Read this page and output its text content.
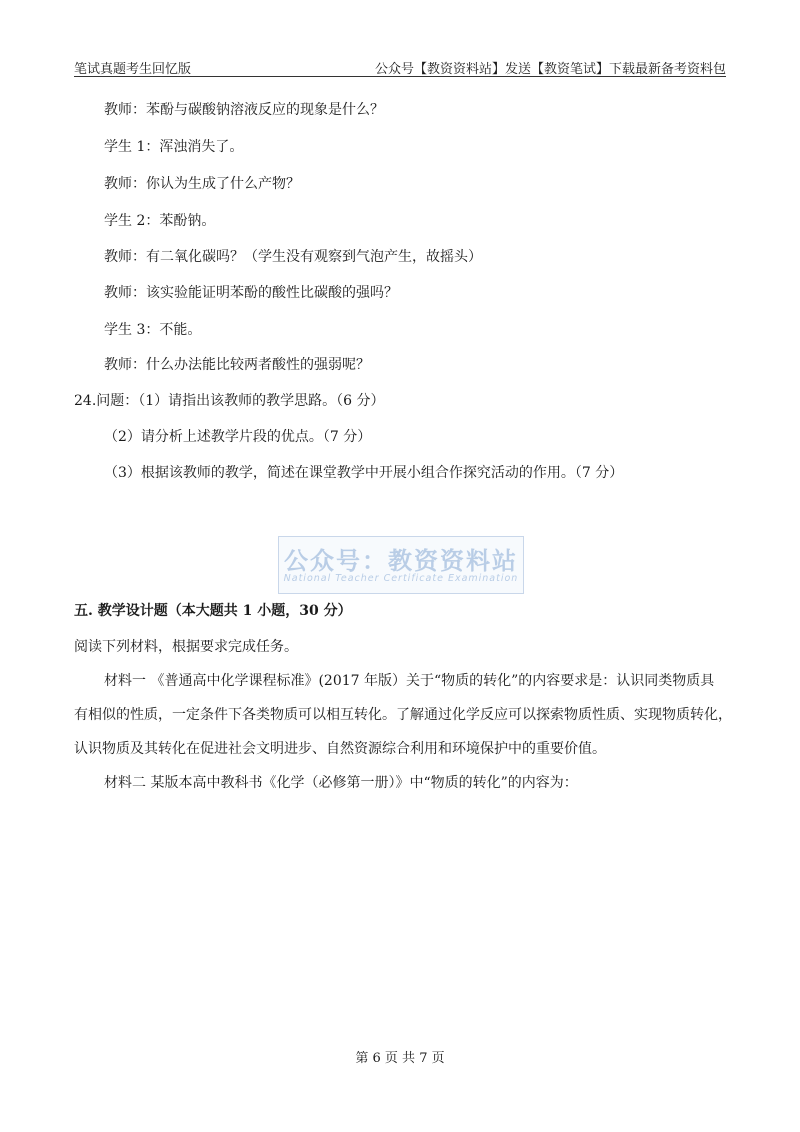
笔试真题考生回忆版	公众号【教资资料站】发送【教资笔试】下载最新备考资料包
教师：苯酚与碳酸钠溶液反应的现象是什么？
学生 1：浑浊消失了。
教师：你认为生成了什么产物？
学生 2：苯酚钠。
教师：有二氧化碳吗？（学生没有观察到气泡产生，故摇头）
教师：该实验能证明苯酚的酸性比碳酸的强吗？
学生 3：不能。
教师：什么办法能比较两者酸性的强弱呢？
24.问题：（1）请指出该教师的教学思路。（6 分）
（2）请分析上述教学片段的优点。（7 分）
（3）根据该教师的教学，简述在课堂教学中开展小组合作探究活动的作用。（7 分）
公众号：教资资料站
National Teacher Certificate Examination
五. 教学设计题（本大题共 1 小题，30 分）
阅读下列材料，根据要求完成任务。
材料一 《普通高中化学课程标准》(2017 年版）关于“物质的转化”的内容要求是：认识同类物质具
有相似的性质，一定条件下各类物质可以相互转化。了解通过化学反应可以探索物质性质、实现物质转化，
认识物质及其转化在促进社会文明进步、自然资源综合利用和环境保护中的重要价值。
材料二 某版本高中教科书《化学（必修第一册）》中“物质的转化”的内容为：
第 6 页 共 7 页
